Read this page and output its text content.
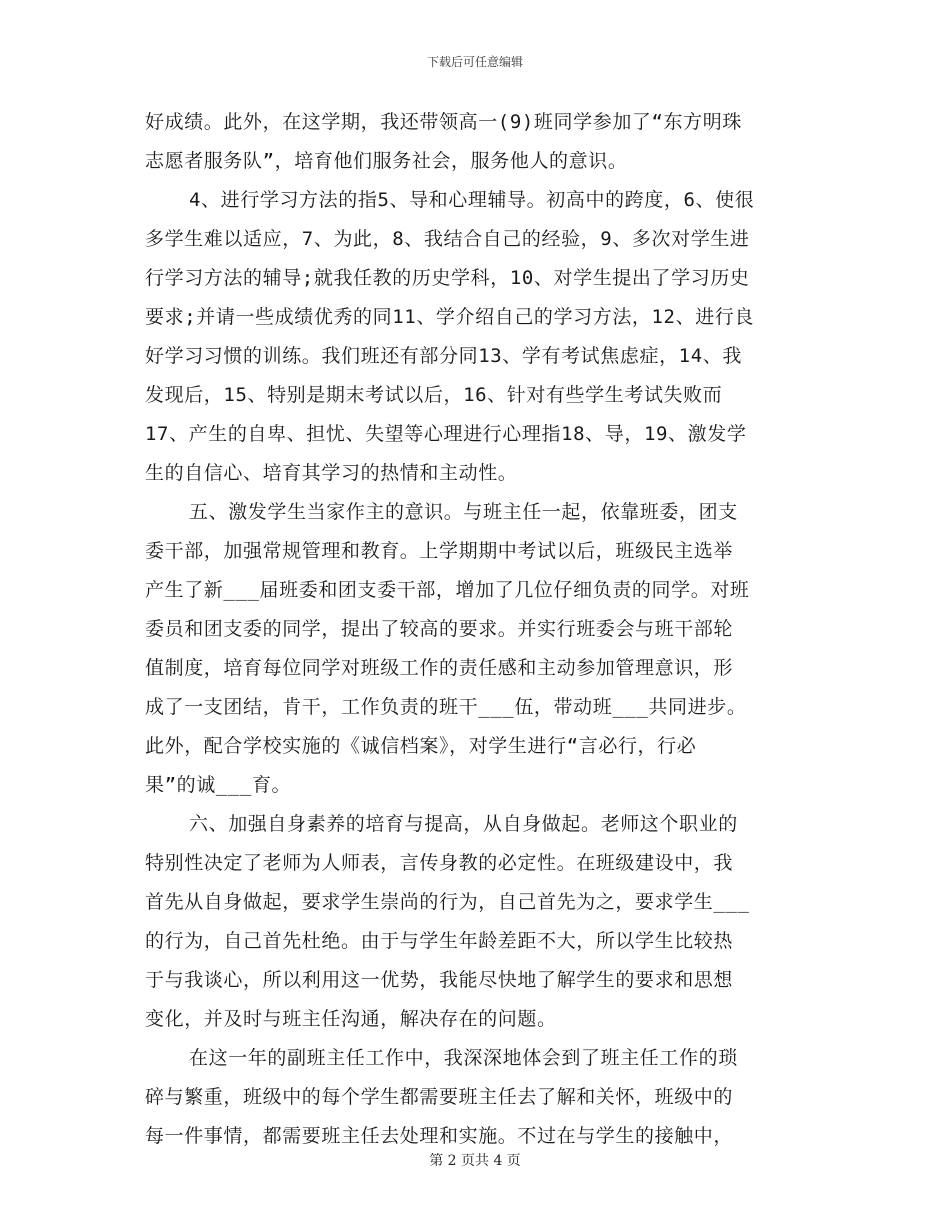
下载后可任意编辑
好成绩。此外，在这学期，我还带领高一(9)班同学参加了“东方明珠
志愿者服务队”，培育他们服务社会，服务他人的意识。
4、进行学习方法的指5、导和心理辅导。初高中的跨度，6、使很
多学生难以适应，7、为此，8、我结合自己的经验，9、多次对学生进
行学习方法的辅导;就我任教的历史学科，10、对学生提出了学习历史
要求;并请一些成绩优秀的同11、学介绍自己的学习方法，12、进行良
好学习习惯的训练。我们班还有部分同13、学有考试焦虑症，14、我
发现后，15、特别是期末考试以后，16、针对有些学生考试失败而
17、产生的自卑、担忧、失望等心理进行心理指18、导，19、激发学
生的自信心、培育其学习的热情和主动性。
五、激发学生当家作主的意识。与班主任一起，依靠班委，团支
委干部，加强常规管理和教育。上学期期中考试以后，班级民主选举
产生了新___届班委和团支委干部，增加了几位仔细负责的同学。对班
委员和团支委的同学，提出了较高的要求。并实行班委会与班干部轮
值制度，培育每位同学对班级工作的责任感和主动参加管理意识，形
成了一支团结，肯干，工作负责的班干___伍，带动班___共同进步。
此外，配合学校实施的《诚信档案》，对学生进行“言必行，行必
果”的诚___育。
六、加强自身素养的培育与提高，从自身做起。老师这个职业的
特别性决定了老师为人师表，言传身教的必定性。在班级建设中，我
首先从自身做起，要求学生崇尚的行为，自己首先为之，要求学生___
的行为，自己首先杜绝。由于与学生年龄差距不大，所以学生比较热
于与我谈心，所以利用这一优势，我能尽快地了解学生的要求和思想
变化，并及时与班主任沟通，解决存在的问题。
在这一年的副班主任工作中，我深深地体会到了班主任工作的琐
碎与繁重，班级中的每个学生都需要班主任去了解和关怀，班级中的
每一件事情，都需要班主任去处理和实施。不过在与学生的接触中，
第 2 页共 4 页
